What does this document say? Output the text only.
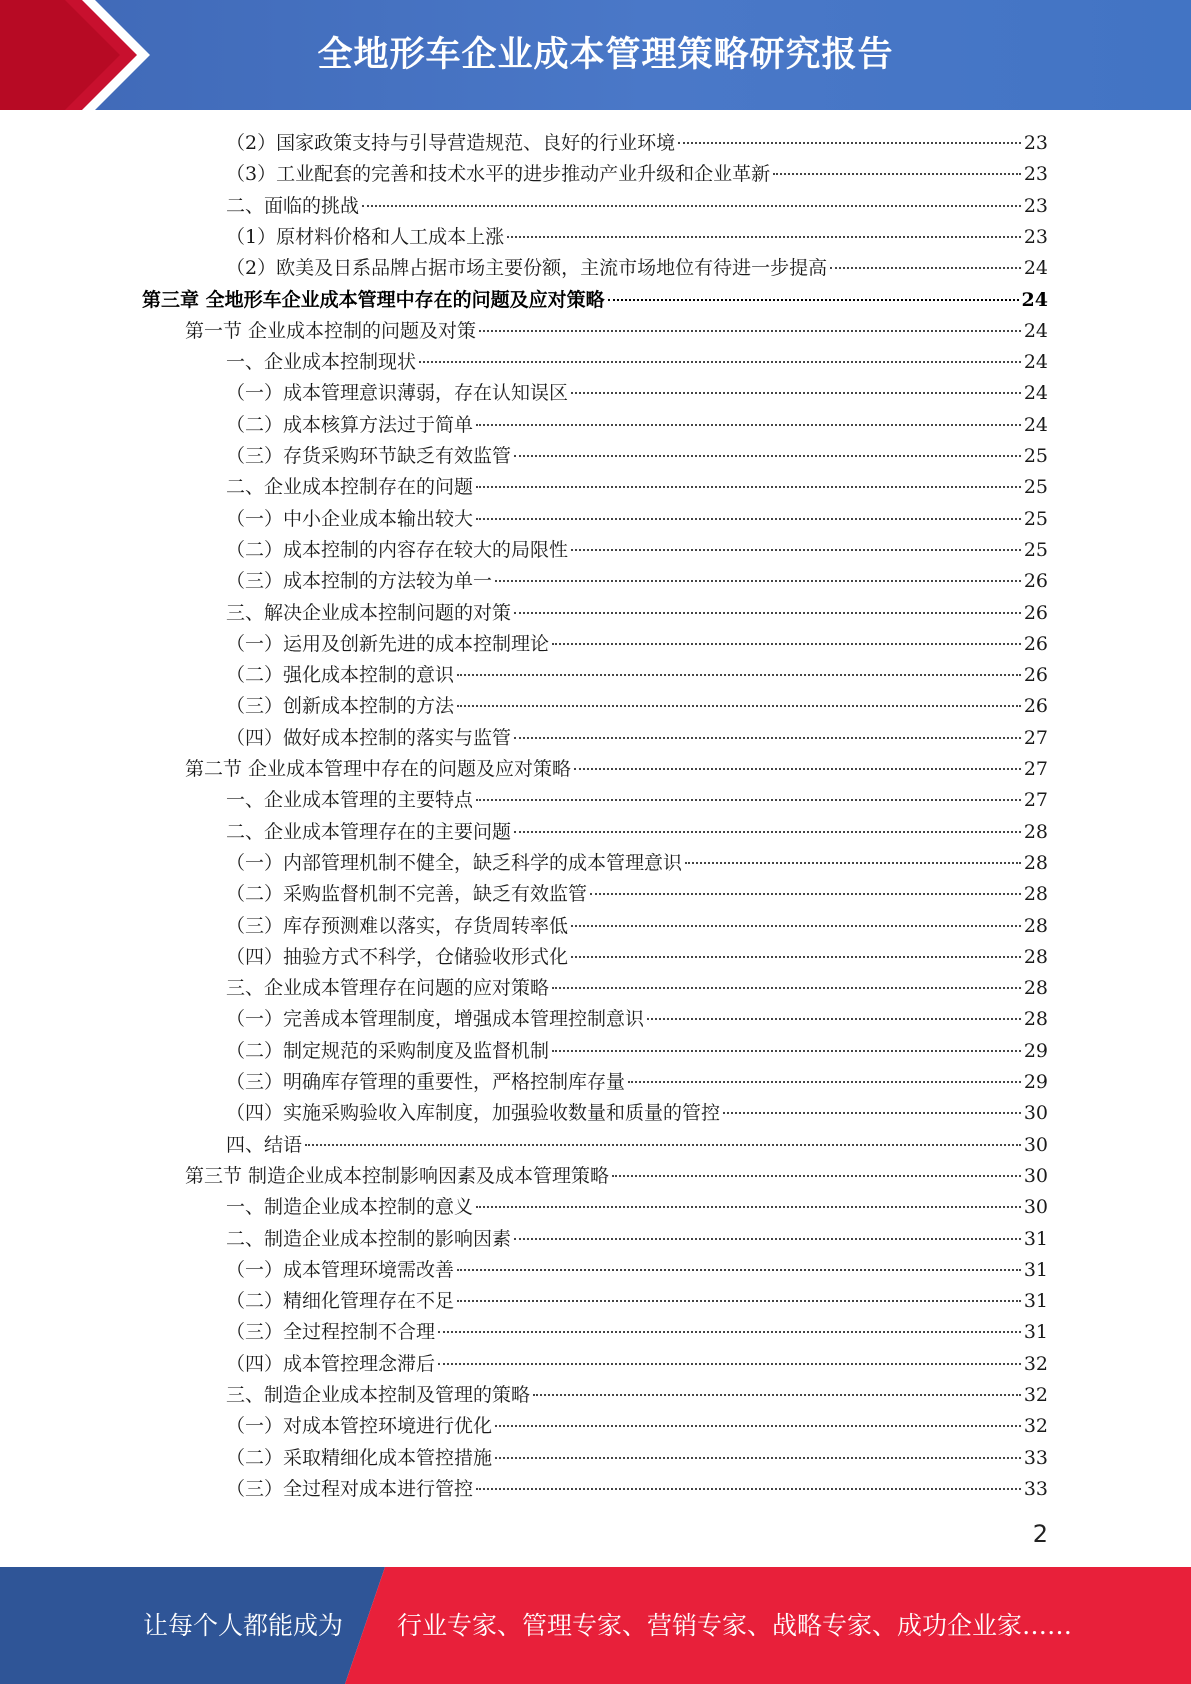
全地形车企业成本管理策略研究报告
（2）国家政策支持与引导营造规范、良好的行业环境	23
（3）工业配套的完善和技术水平的进步推动产业升级和企业革新	23
二、面临的挑战	23
（1）原材料价格和人工成本上涨	23
（2）欧美及日系品牌占据市场主要份额，主流市场地位有待进一步提高	24
第三章 全地形车企业成本管理中存在的问题及应对策略	24
第一节 企业成本控制的问题及对策	24
一、企业成本控制现状	24
（一）成本管理意识薄弱，存在认知误区	24
（二）成本核算方法过于简单	24
（三）存货采购环节缺乏有效监管	25
二、企业成本控制存在的问题	25
（一）中小企业成本输出较大	25
（二）成本控制的内容存在较大的局限性	25
（三）成本控制的方法较为单一	26
三、解决企业成本控制问题的对策	26
（一）运用及创新先进的成本控制理论	26
（二）强化成本控制的意识	26
（三）创新成本控制的方法	26
（四）做好成本控制的落实与监管	27
第二节 企业成本管理中存在的问题及应对策略	27
一、企业成本管理的主要特点	27
二、企业成本管理存在的主要问题	28
（一）内部管理机制不健全，缺乏科学的成本管理意识	28
（二）采购监督机制不完善，缺乏有效监管	28
（三）库存预测难以落实，存货周转率低	28
（四）抽验方式不科学，仓储验收形式化	28
三、企业成本管理存在问题的应对策略	28
（一）完善成本管理制度，增强成本管理控制意识	28
（二）制定规范的采购制度及监督机制	29
（三）明确库存管理的重要性，严格控制库存量	29
（四）实施采购验收入库制度，加强验收数量和质量的管控	30
四、结语	30
第三节 制造企业成本控制影响因素及成本管理策略	30
一、制造企业成本控制的意义	30
二、制造企业成本控制的影响因素	31
（一）成本管理环境需改善	31
（二）精细化管理存在不足	31
（三）全过程控制不合理	31
（四）成本管控理念滞后	32
三、制造企业成本控制及管理的策略	32
（一）对成本管控环境进行优化	32
（二）采取精细化成本管控措施	33
（三）全过程对成本进行管控	33
2
让每个人都能成为 行业专家、管理专家、营销专家、战略专家、成功企业家……
